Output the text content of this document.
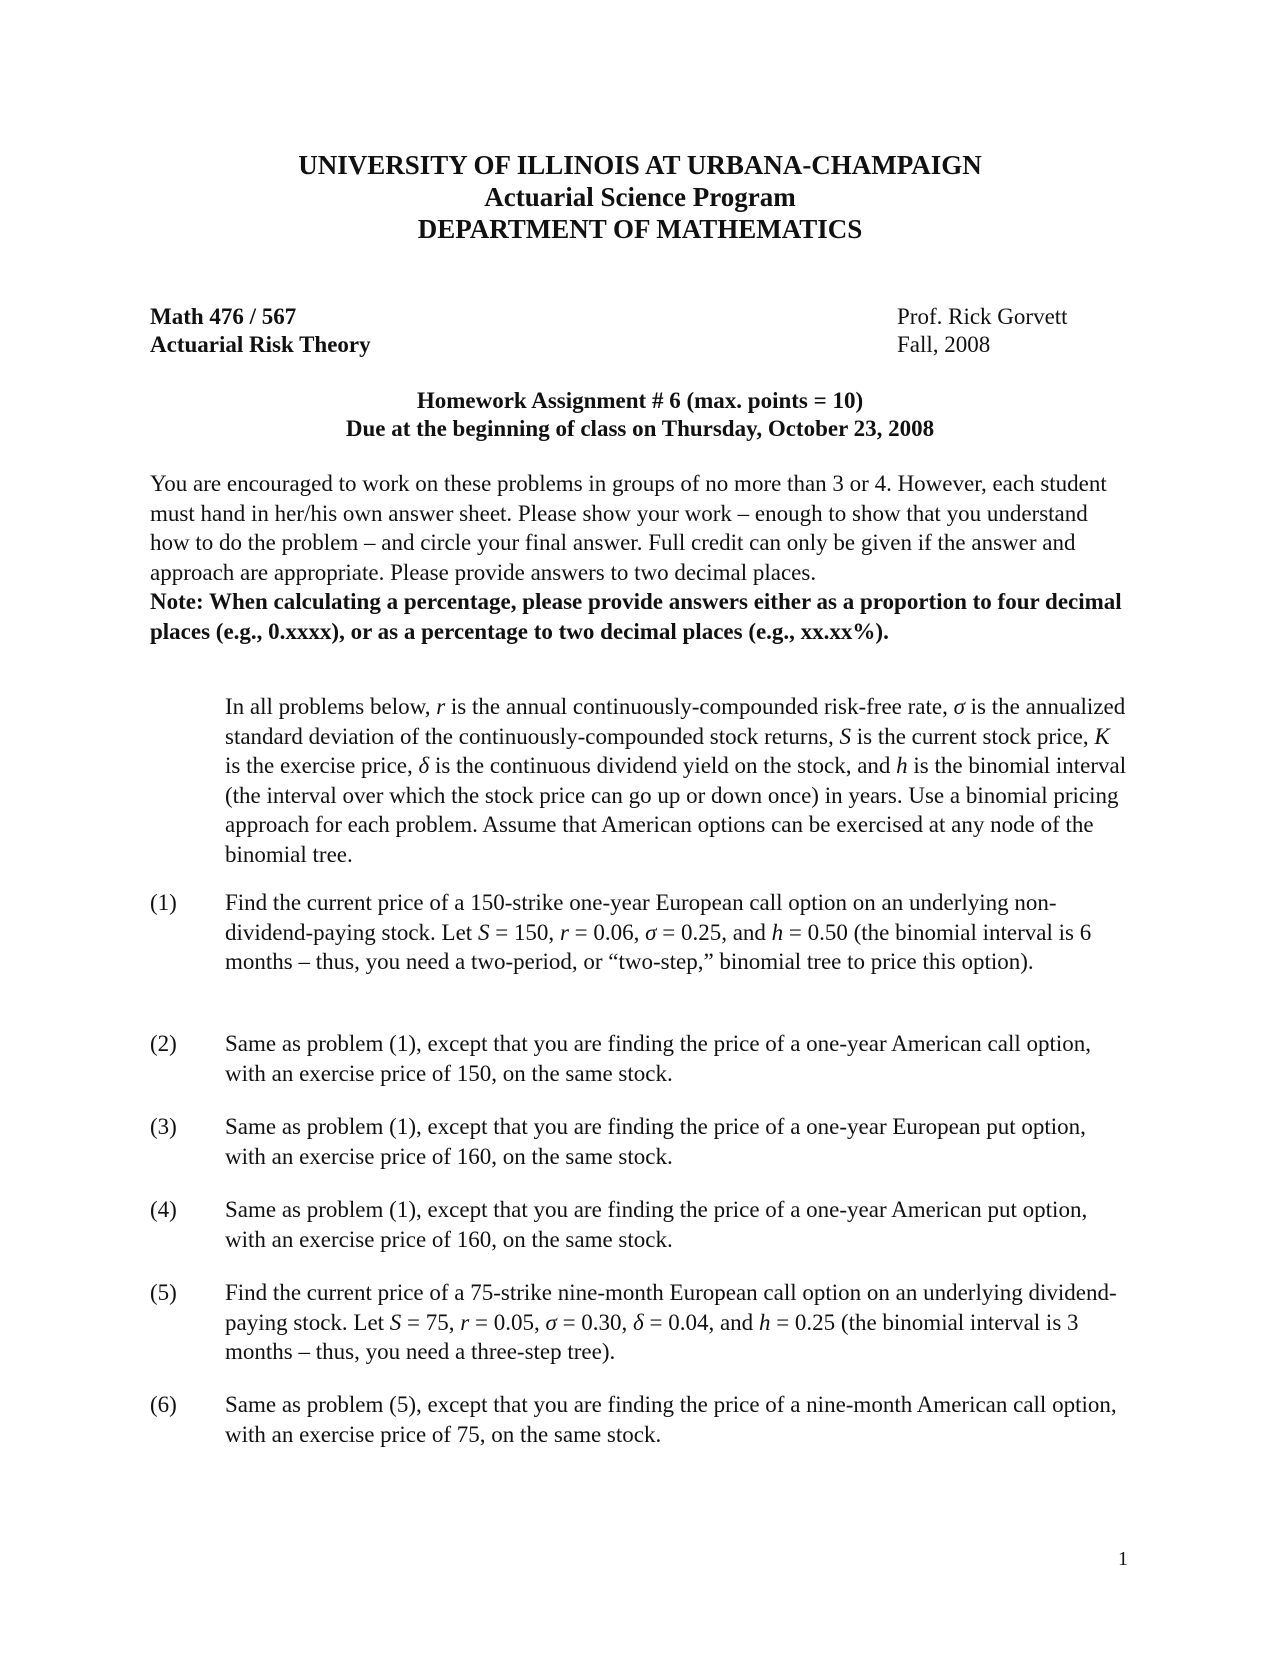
UNIVERSITY OF ILLINOIS AT URBANA-CHAMPAIGN
Actuarial Science Program
DEPARTMENT OF MATHEMATICS
Math 476 / 567
Actuarial Risk Theory
Prof. Rick Gorvett
Fall, 2008
Homework Assignment # 6 (max. points = 10)
Due at the beginning of class on Thursday, October 23, 2008
You are encouraged to work on these problems in groups of no more than 3 or 4. However, each student must hand in her/his own answer sheet. Please show your work – enough to show that you understand how to do the problem – and circle your final answer. Full credit can only be given if the answer and approach are appropriate. Please provide answers to two decimal places.
Note: When calculating a percentage, please provide answers either as a proportion to four decimal places (e.g., 0.xxxx), or as a percentage to two decimal places (e.g., xx.xx%).
In all problems below, r is the annual continuously-compounded risk-free rate, σ is the annualized standard deviation of the continuously-compounded stock returns, S is the current stock price, K is the exercise price, δ is the continuous dividend yield on the stock, and h is the binomial interval (the interval over which the stock price can go up or down once) in years. Use a binomial pricing approach for each problem. Assume that American options can be exercised at any node of the binomial tree.
(1)	Find the current price of a 150-strike one-year European call option on an underlying non-dividend-paying stock. Let S = 150, r = 0.06, σ = 0.25, and h = 0.50 (the binomial interval is 6 months – thus, you need a two-period, or “two-step,” binomial tree to price this option).
(2)	Same as problem (1), except that you are finding the price of a one-year American call option, with an exercise price of 150, on the same stock.
(3)	Same as problem (1), except that you are finding the price of a one-year European put option, with an exercise price of 160, on the same stock.
(4)	Same as problem (1), except that you are finding the price of a one-year American put option, with an exercise price of 160, on the same stock.
(5)	Find the current price of a 75-strike nine-month European call option on an underlying dividend-paying stock. Let S = 75, r = 0.05, σ = 0.30, δ = 0.04, and h = 0.25 (the binomial interval is 3 months – thus, you need a three-step tree).
(6)	Same as problem (5), except that you are finding the price of a nine-month American call option, with an exercise price of 75, on the same stock.
1
